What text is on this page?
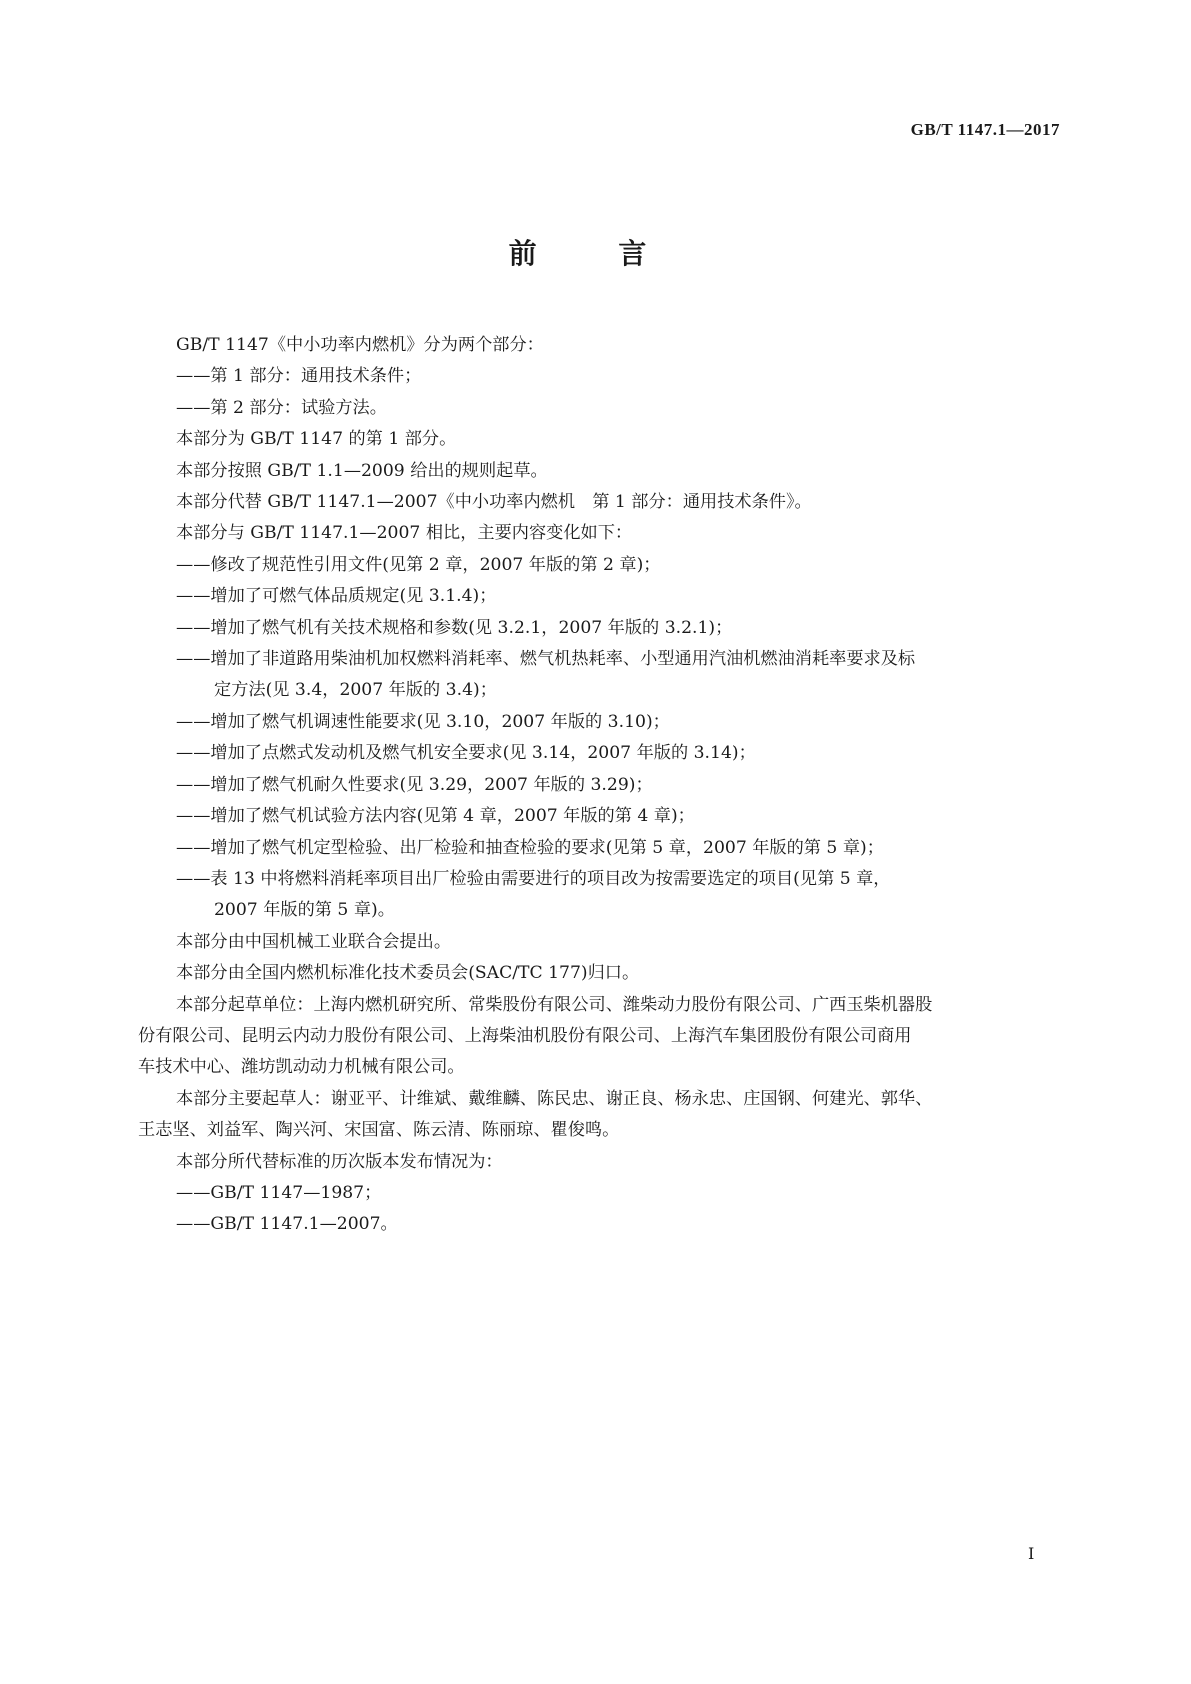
GB/T 1147.1—2017
前 言
GB/T 1147《中小功率内燃机》分为两个部分：
——第 1 部分：通用技术条件；
——第 2 部分：试验方法。
本部分为 GB/T 1147 的第 1 部分。
本部分按照 GB/T 1.1—2009 给出的规则起草。
本部分代替 GB/T 1147.1—2007《中小功率内燃机　第 1 部分：通用技术条件》。
本部分与 GB/T 1147.1—2007 相比，主要内容变化如下：
——修改了规范性引用文件(见第 2 章，2007 年版的第 2 章)；
——增加了可燃气体品质规定(见 3.1.4)；
——增加了燃气机有关技术规格和参数(见 3.2.1，2007 年版的 3.2.1)；
——增加了非道路用柴油机加权燃料消耗率、燃气机热耗率、小型通用汽油机燃油消耗率要求及标
定方法(见 3.4，2007 年版的 3.4)；
——增加了燃气机调速性能要求(见 3.10，2007 年版的 3.10)；
——增加了点燃式发动机及燃气机安全要求(见 3.14，2007 年版的 3.14)；
——增加了燃气机耐久性要求(见 3.29，2007 年版的 3.29)；
——增加了燃气机试验方法内容(见第 4 章，2007 年版的第 4 章)；
——增加了燃气机定型检验、出厂检验和抽查检验的要求(见第 5 章，2007 年版的第 5 章)；
——表 13 中将燃料消耗率项目出厂检验由需要进行的项目改为按需要选定的项目(见第 5 章，
2007 年版的第 5 章)。
本部分由中国机械工业联合会提出。
本部分由全国内燃机标准化技术委员会(SAC/TC 177)归口。
本部分起草单位：上海内燃机研究所、常柴股份有限公司、潍柴动力股份有限公司、广西玉柴机器股
份有限公司、昆明云内动力股份有限公司、上海柴油机股份有限公司、上海汽车集团股份有限公司商用
车技术中心、潍坊凯动动力机械有限公司。
本部分主要起草人：谢亚平、计维斌、戴维麟、陈民忠、谢正良、杨永忠、庄国钢、何建光、郭华、
王志坚、刘益军、陶兴河、宋国富、陈云清、陈丽琼、瞿俊鸣。
本部分所代替标准的历次版本发布情况为：
——GB/T 1147—1987；
——GB/T 1147.1—2007。
I
